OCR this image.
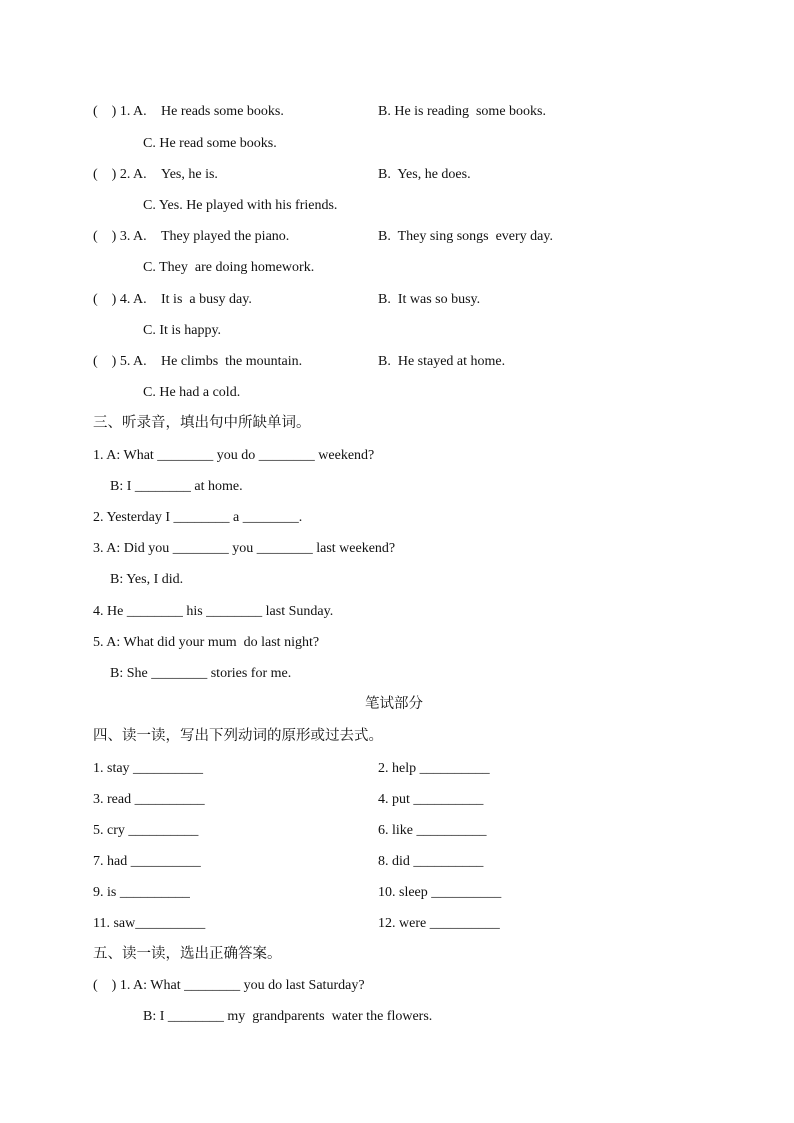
(    ) 1. A. He reads some books.	B. He is reading  some books.
C. He read some books.
(    ) 2. A. Yes, he is.	B.  Yes, he does.
C. Yes. He played with his friends.
(    ) 3. A. They played the piano.	B.  They sing songs  every day.
C. They  are doing homework.
(    ) 4. A. It is  a busy day.	B.  It was so busy.
C. It is happy.
(    ) 5. A. He climbs  the mountain.	B.  He stayed at home.
C. He had a cold.
三、听录音，填出句中所缺单词。
1. A: What ________ you do ________ weekend?
B: I ________ at home.
2. Yesterday I ________ a ________.
3. A: Did you ________ you ________ last weekend?
B: Yes, I did.
4. He ________ his ________ last Sunday.
5. A: What did your mum  do last night?
B: She ________ stories for me.
笔试部分
四、读一读，写出下列动词的原形或过去式。
1. stay __________	2. help __________
3. read __________	4. put __________
5. cry __________	6. like __________
7. had __________	8. did __________
9. is __________	10. sleep __________
11. saw__________	12. were __________
五、读一读，选出正确答案。
(    ) 1. A: What ________ you do last Saturday?
B: I ________ my  grandparents  water the flowers.
